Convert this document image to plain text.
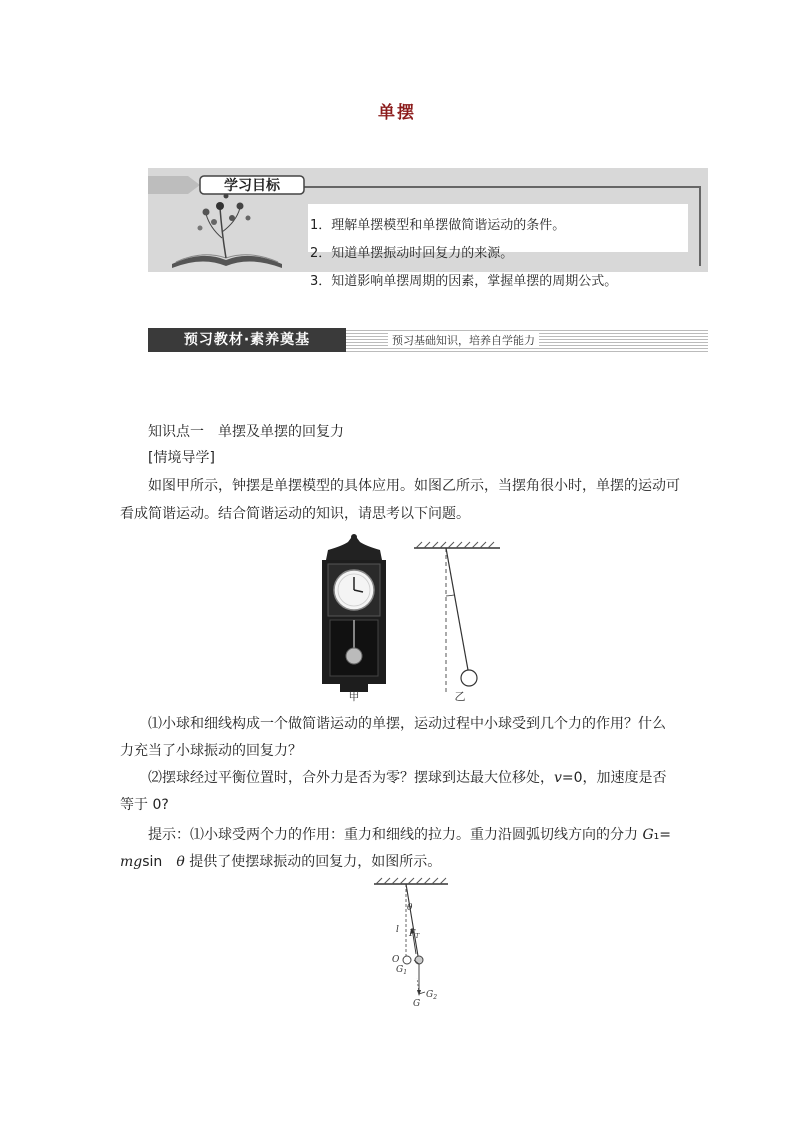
单摆
学习目标
1．理解单摆模型和单摆做简谐运动的条件。
2．知道单摆振动时回复力的来源。
3．知道影响单摆周期的因素，掌握单摆的周期公式。
预习教材·素养奠基	预习基础知识，培养自学能力
知识点一　单摆及单摆的回复力
[情境导学]
如图甲所示，钟摆是单摆模型的具体应用。如图乙所示，当摆角很小时，单摆的运动可
看成简谐运动。结合简谐运动的知识，请思考以下问题。
甲	乙
⑴小球和细线构成一个做简谐运动的单摆，运动过程中小球受到几个力的作用？什么
力充当了小球振动的回复力？
⑵摆球经过平衡位置时，合外力是否为零？摆球到达最大位移处，v=0，加速度是否
等于 0?
提示：⑴小球受两个力的作用：重力和细线的拉力。重力沿圆弧切线方向的分力 G₁=
mgsin　θ 提供了使摆球振动的回复力，如图所示。
θ
l $F_T$
O
$G_1$
G
$G_2$
